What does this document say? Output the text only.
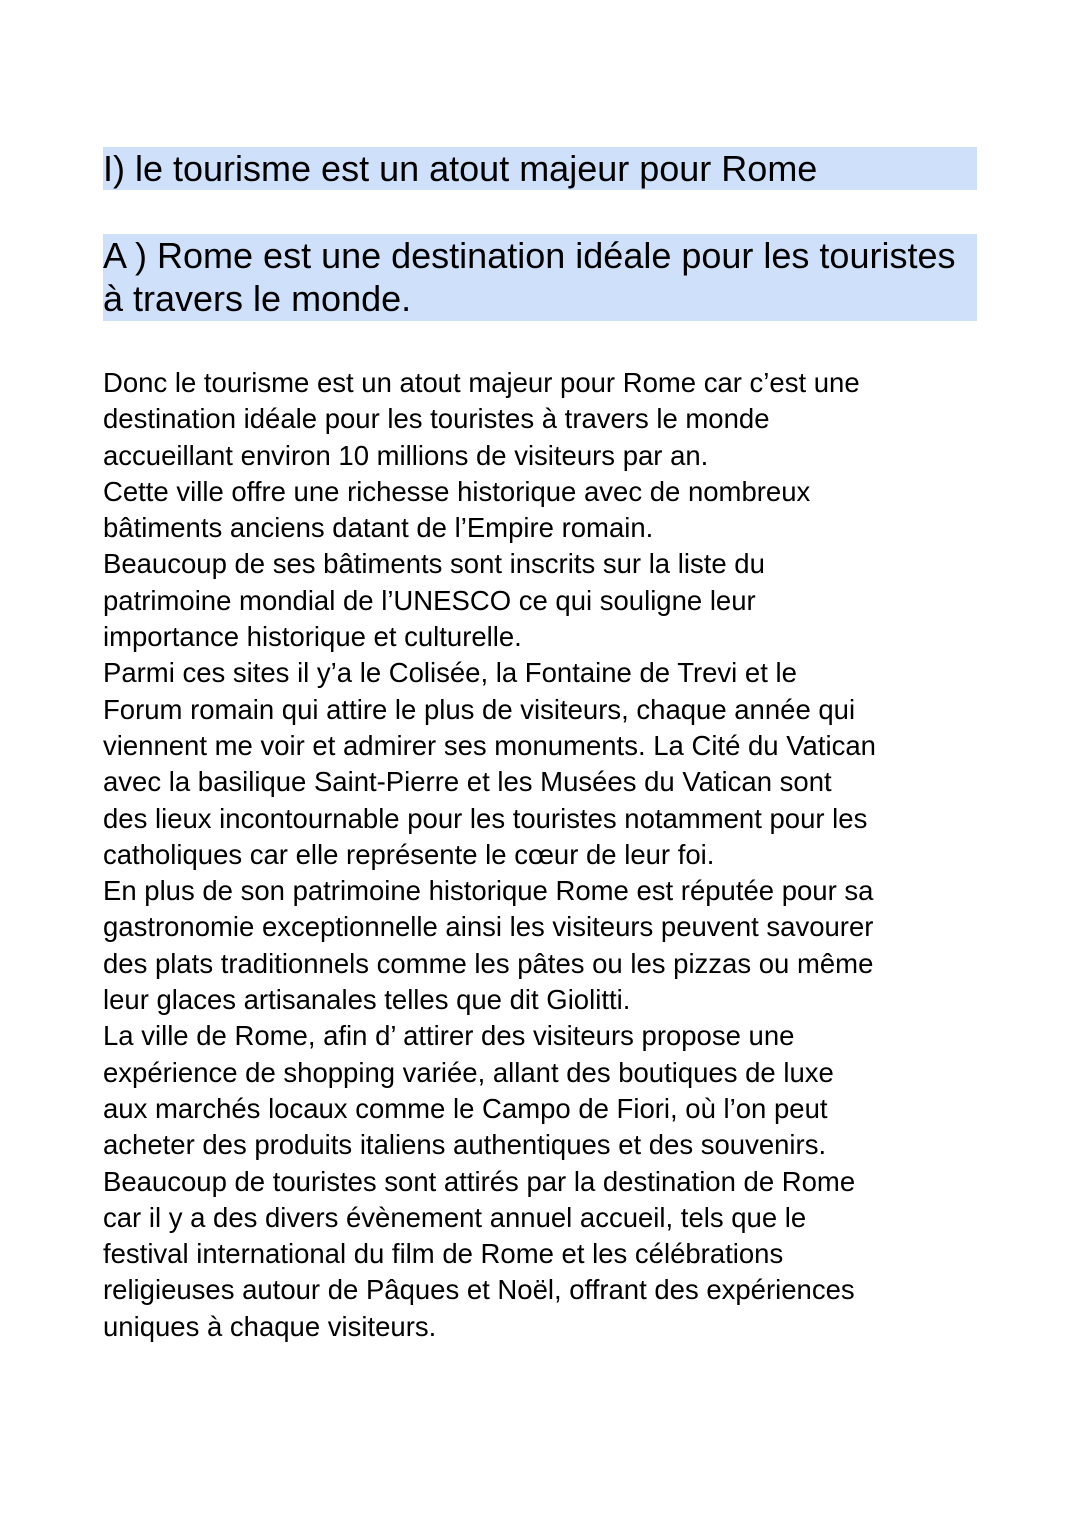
I) le tourisme est un atout majeur pour Rome
A ) Rome est une destination idéale pour les touristes
à travers le monde.
Donc le tourisme est un atout majeur pour Rome car c’est une
destination idéale pour les touristes à travers le monde
accueillant environ 10 millions de visiteurs par an.
Cette ville offre une richesse historique avec de nombreux
bâtiments anciens datant de l’Empire romain.
Beaucoup de ses bâtiments sont inscrits sur la liste du
patrimoine mondial de l’UNESCO ce qui souligne leur
importance historique et culturelle.
Parmi ces sites il y’a le Colisée, la Fontaine de Trevi et le
Forum romain qui attire le plus de visiteurs, chaque année qui
viennent me voir et admirer ses monuments. La Cité du Vatican
avec la basilique Saint-Pierre et les Musées du Vatican sont
des lieux incontournable pour les touristes notamment pour les
catholiques car elle représente le cœur de leur foi.
En plus de son patrimoine historique Rome est réputée pour sa
gastronomie exceptionnelle ainsi les visiteurs peuvent savourer
des plats traditionnels comme les pâtes ou les pizzas ou même
leur glaces artisanales telles que dit Giolitti.
La ville de Rome, afin d’ attirer des visiteurs propose une
expérience de shopping variée, allant des boutiques de luxe
aux marchés locaux comme le Campo de Fiori, où l’on peut
acheter des produits italiens authentiques et des souvenirs.
Beaucoup de touristes sont attirés par la destination de Rome
car il y a des divers évènement annuel accueil, tels que le
festival international du film de Rome et les célébrations
religieuses autour de Pâques et Noël, offrant des expériences
uniques à chaque visiteurs.
